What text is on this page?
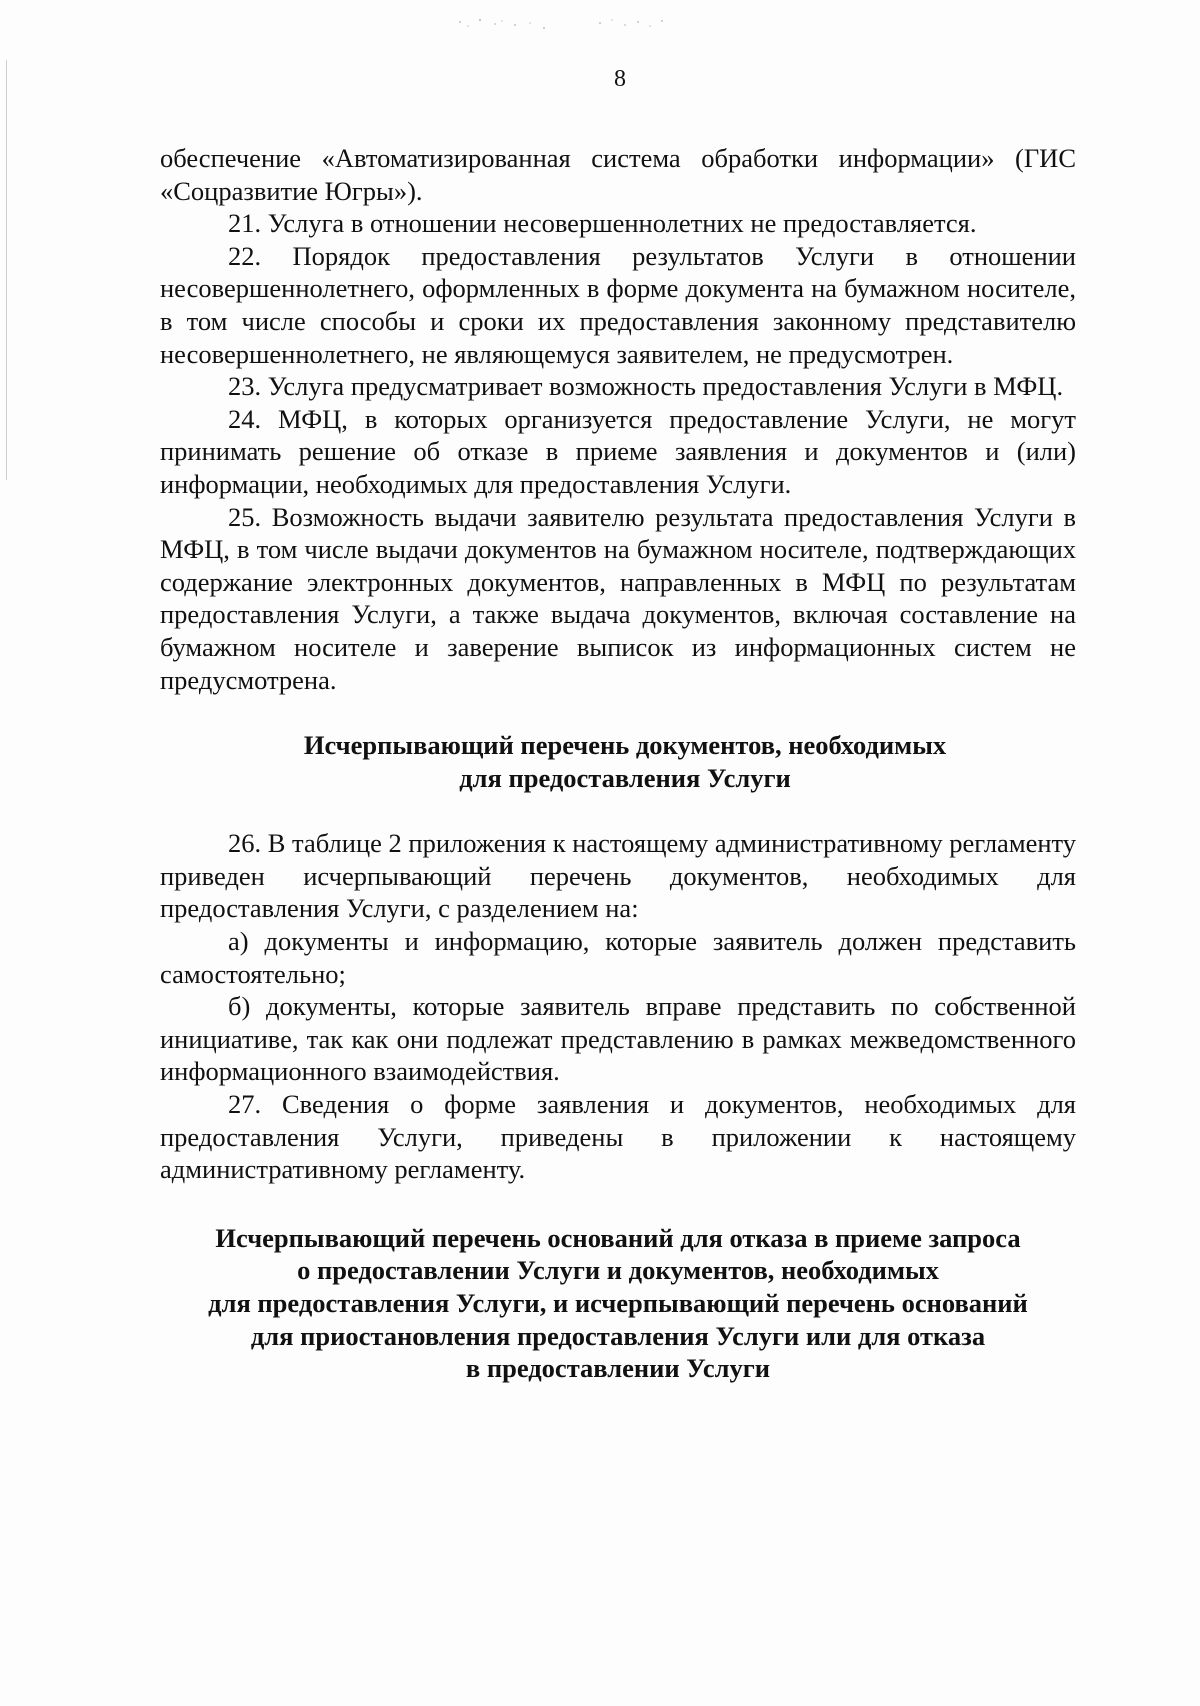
8

обеспечение «Автоматизированная система обработки информации» (ГИС «Соцразвитие Югры»).

21. Услуга в отношении несовершеннолетних не предоставляется.

22. Порядок предоставления результатов Услуги в отношении несовершеннолетнего, оформленных в форме документа на бумажном носителе, в том числе способы и сроки их предоставления законному представителю несовершеннолетнего, не являющемуся заявителем, не предусмотрен.

23. Услуга предусматривает возможность предоставления Услуги в МФЦ.

24. МФЦ, в которых организуется предоставление Услуги, не могут принимать решение об отказе в приеме заявления и документов и (или) информации, необходимых для предоставления Услуги.

25. Возможность выдачи заявителю результата предоставления Услуги в МФЦ, в том числе выдачи документов на бумажном носителе, подтверждающих содержание электронных документов, направленных в МФЦ по результатам предоставления Услуги, а также выдача документов, включая составление на бумажном носителе и заверение выписок из информационных систем не предусмотрена.

Исчерпывающий перечень документов, необходимых
для предоставления Услуги

26. В таблице 2 приложения к настоящему административному регламенту приведен исчерпывающий перечень документов, необходимых для предоставления Услуги, с разделением на:

а) документы и информацию, которые заявитель должен представить самостоятельно;

б) документы, которые заявитель вправе представить по собственной инициативе, так как они подлежат представлению в рамках межведомственного информационного взаимодействия.

27. Сведения о форме заявления и документов, необходимых для предоставления Услуги, приведены в приложении к настоящему административному регламенту.

Исчерпывающий перечень оснований для отказа в приеме запроса
о предоставлении Услуги и документов, необходимых
для предоставления Услуги, и исчерпывающий перечень оснований
для приостановления предоставления Услуги или для отказа
в предоставлении Услуги
